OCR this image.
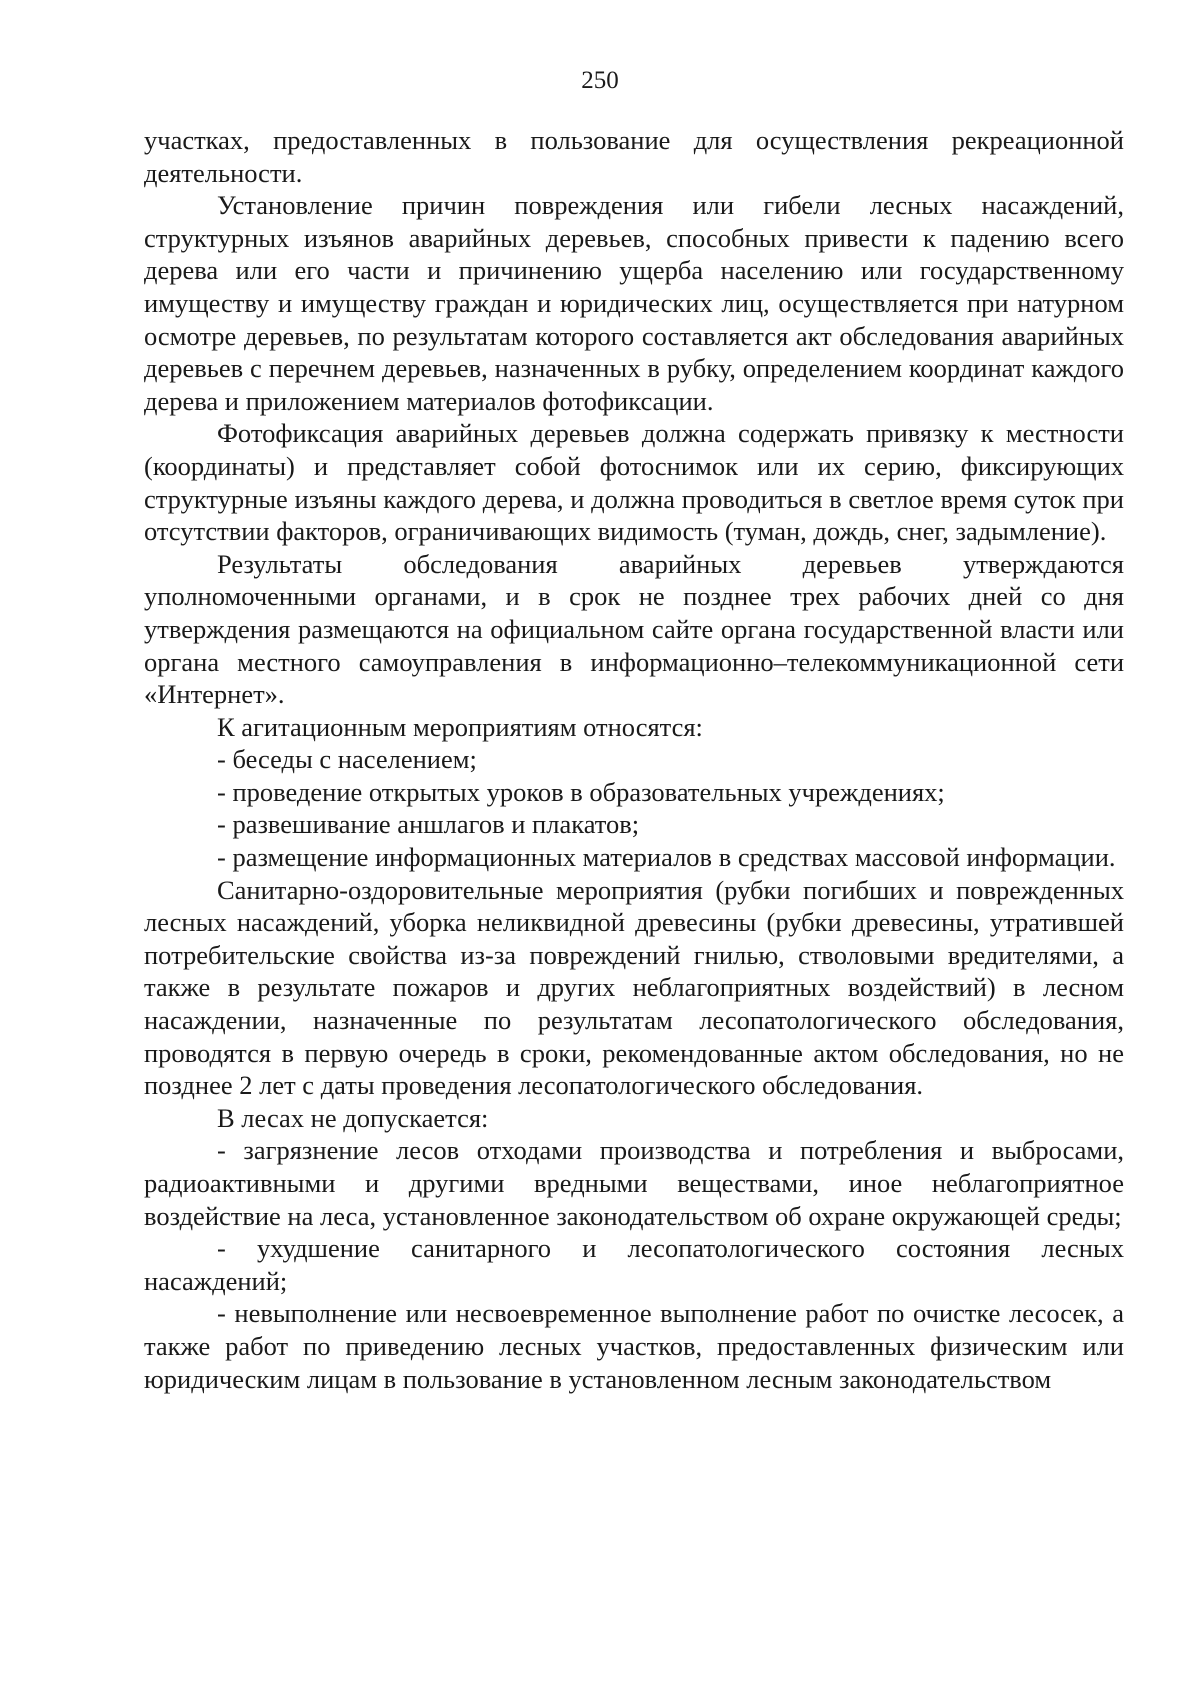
250

участках, предоставленных в пользование для осуществления рекреационной деятельности.

Установление причин повреждения или гибели лесных насаждений, структурных изъянов аварийных деревьев, способных привести к падению всего дерева или его части и причинению ущерба населению или государственному имуществу и имуществу граждан и юридических лиц, осуществляется при натурном осмотре деревьев, по результатам которого составляется акт обследования аварийных деревьев с перечнем деревьев, назначенных в рубку, определением координат каждого дерева и приложением материалов фотофиксации.

Фотофиксация аварийных деревьев должна содержать привязку к местности (координаты) и представляет собой фотоснимок или их серию, фиксирующих структурные изъяны каждого дерева, и должна проводиться в светлое время суток при отсутствии факторов, ограничивающих видимость (туман, дождь, снег, задымление).

Результаты обследования аварийных деревьев утверждаются уполномоченными органами, и в срок не позднее трех рабочих дней со дня утверждения размещаются на официальном сайте органа государственной власти или органа местного самоуправления в информационно–телекоммуникационной сети «Интернет».

К агитационным мероприятиям относятся:

- беседы с населением;

- проведение открытых уроков в образовательных учреждениях;

- развешивание аншлагов и плакатов;

- размещение информационных материалов в средствах массовой информации.

Санитарно-оздоровительные мероприятия (рубки погибших и поврежденных лесных насаждений, уборка неликвидной древесины (рубки древесины, утратившей потребительские свойства из-за повреждений гнилью, стволовыми вредителями, а также в результате пожаров и других неблагоприятных воздействий) в лесном насаждении, назначенные по результатам лесопатологического обследования, проводятся в первую очередь в сроки, рекомендованные актом обследования, но не позднее 2 лет с даты проведения лесопатологического обследования.

В лесах не допускается:

- загрязнение лесов отходами производства и потребления и выбросами, радиоактивными и другими вредными веществами, иное неблагоприятное воздействие на леса, установленное законодательством об охране окружающей среды;

- ухудшение санитарного и лесопатологического состояния лесных насаждений;

- невыполнение или несвоевременное выполнение работ по очистке лесосек, а также работ по приведению лесных участков, предоставленных физическим или юридическим лицам в пользование в установленном лесным законодательством
